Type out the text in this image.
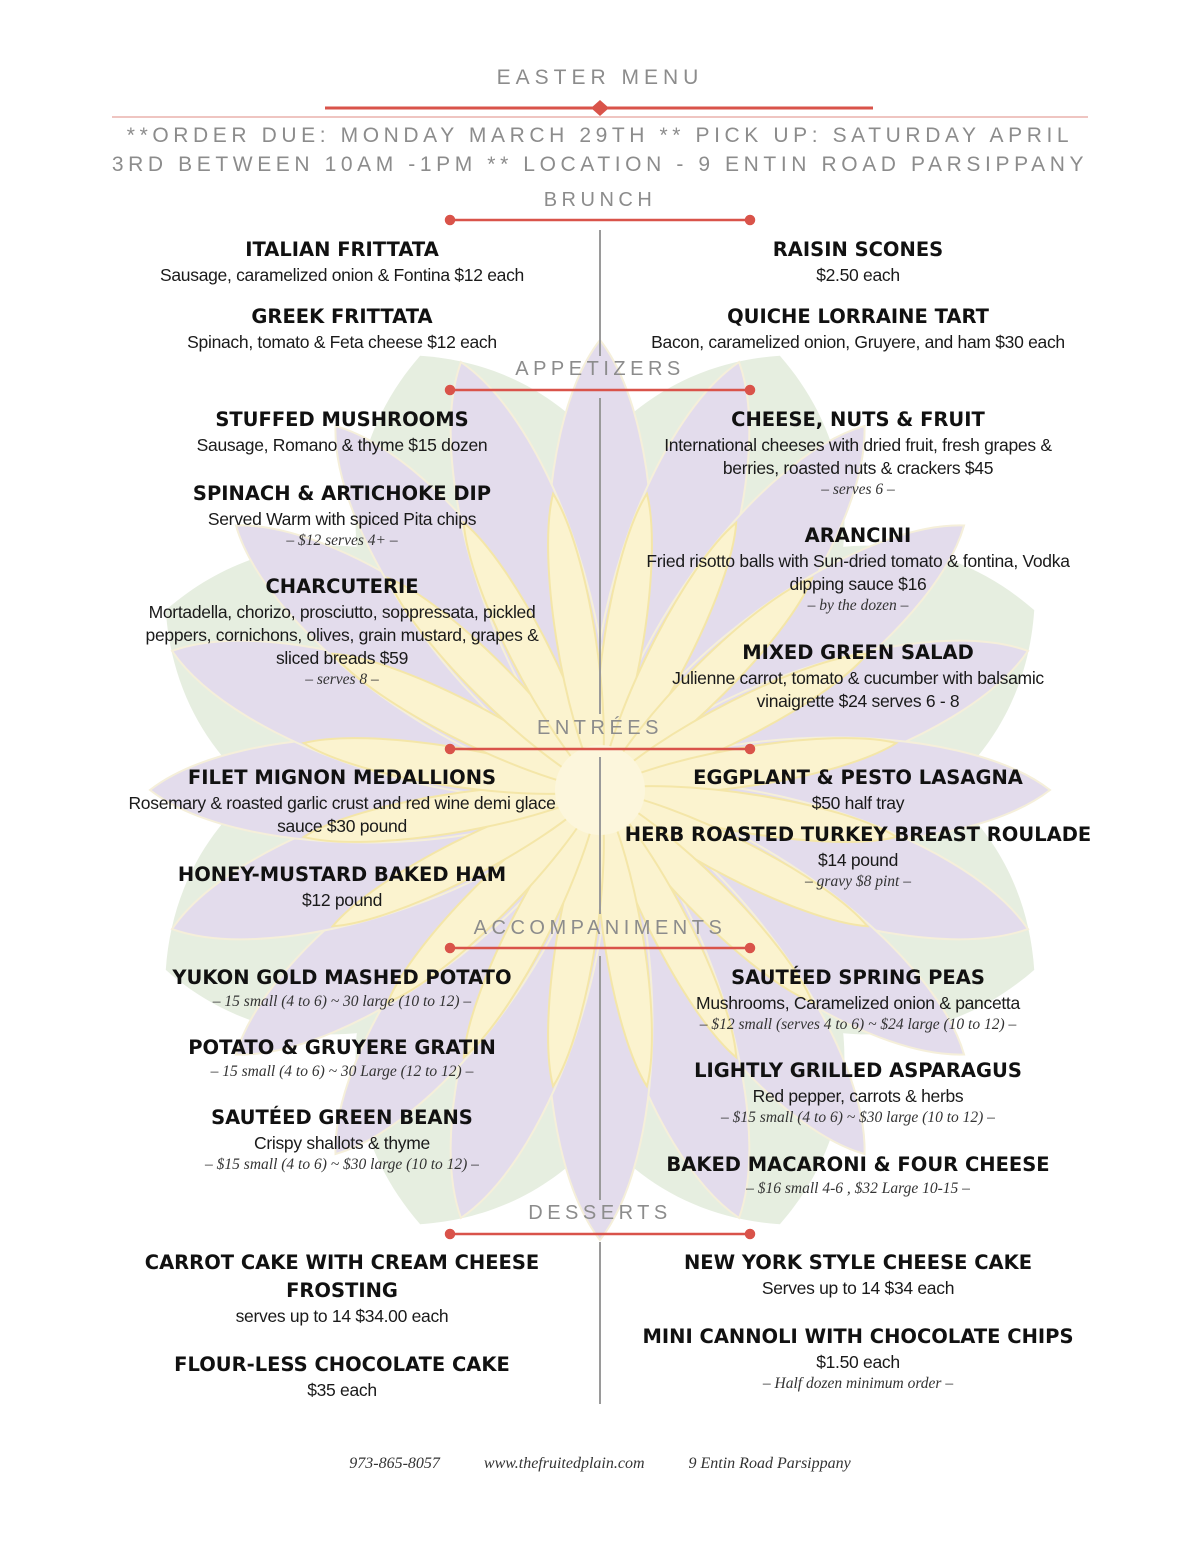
EASTER MENU
**ORDER DUE: MONDAY MARCH 29TH ** PICK UP: SATURDAY APRIL 3RD BETWEEN 10AM -1PM ** LOCATION - 9 ENTIN ROAD PARSIPPANY
BRUNCH
APPETIZERS
ENTRÉES
ACCOMPANIMENTS
DESSERTS
ITALIAN FRITTATA
Sausage, caramelized onion & Fontina $12 each
GREEK FRITTATA
Spinach, tomato & Feta cheese $12 each
RAISIN SCONES
$2.50 each
QUICHE LORRAINE TART
Bacon, caramelized onion, Gruyere, and ham $30 each
STUFFED MUSHROOMS
Sausage, Romano & thyme $15 dozen
SPINACH & ARTICHOKE DIP
Served Warm with spiced Pita chips
– $12 serves 4+ –
CHARCUTERIE
Mortadella, chorizo, prosciutto, soppressata, pickled peppers, cornichons, olives, grain mustard, grapes & sliced breads $59
– serves 8 –
CHEESE, NUTS & FRUIT
International cheeses with dried fruit, fresh grapes & berries, roasted nuts & crackers $45
– serves 6 –
ARANCINI
Fried risotto balls with Sun-dried tomato & fontina, Vodka dipping sauce $16
– by the dozen –
MIXED GREEN SALAD
Julienne carrot, tomato & cucumber with balsamic vinaigrette $24 serves 6 - 8
FILET MIGNON MEDALLIONS
Rosemary & roasted garlic crust and red wine demi glace sauce $30 pound
HONEY-MUSTARD BAKED HAM
$12 pound
EGGPLANT & PESTO LASAGNA
$50 half tray
HERB ROASTED TURKEY BREAST ROULADE
$14 pound
– gravy $8 pint –
YUKON GOLD MASHED POTATO
– 15 small (4 to 6) ~ 30 large (10 to 12) –
POTATO & GRUYERE GRATIN
– 15 small (4 to 6) ~ 30 Large (12 to 12) –
SAUTÉED GREEN BEANS
Crispy shallots & thyme
– $15 small (4 to 6) ~ $30 large (10 to 12) –
SAUTÉED SPRING PEAS
Mushrooms, Caramelized onion & pancetta
– $12 small (serves 4 to 6) ~ $24 large (10 to 12) –
LIGHTLY GRILLED ASPARAGUS
Red pepper, carrots & herbs
– $15 small (4 to 6) ~ $30 large (10 to 12) –
BAKED MACARONI & FOUR CHEESE
– $16 small 4-6 , $32 Large 10-15 –
CARROT CAKE WITH CREAM CHEESE FROSTING
serves up to 14 $34.00 each
FLOUR-LESS CHOCOLATE CAKE
$35 each
NEW YORK STYLE CHEESE CAKE
Serves up to 14 $34 each
MINI CANNOLI WITH CHOCOLATE CHIPS
$1.50 each
– Half dozen minimum order –
973-865-8057	www.thefruitedplain.com	9 Entin Road Parsippany
